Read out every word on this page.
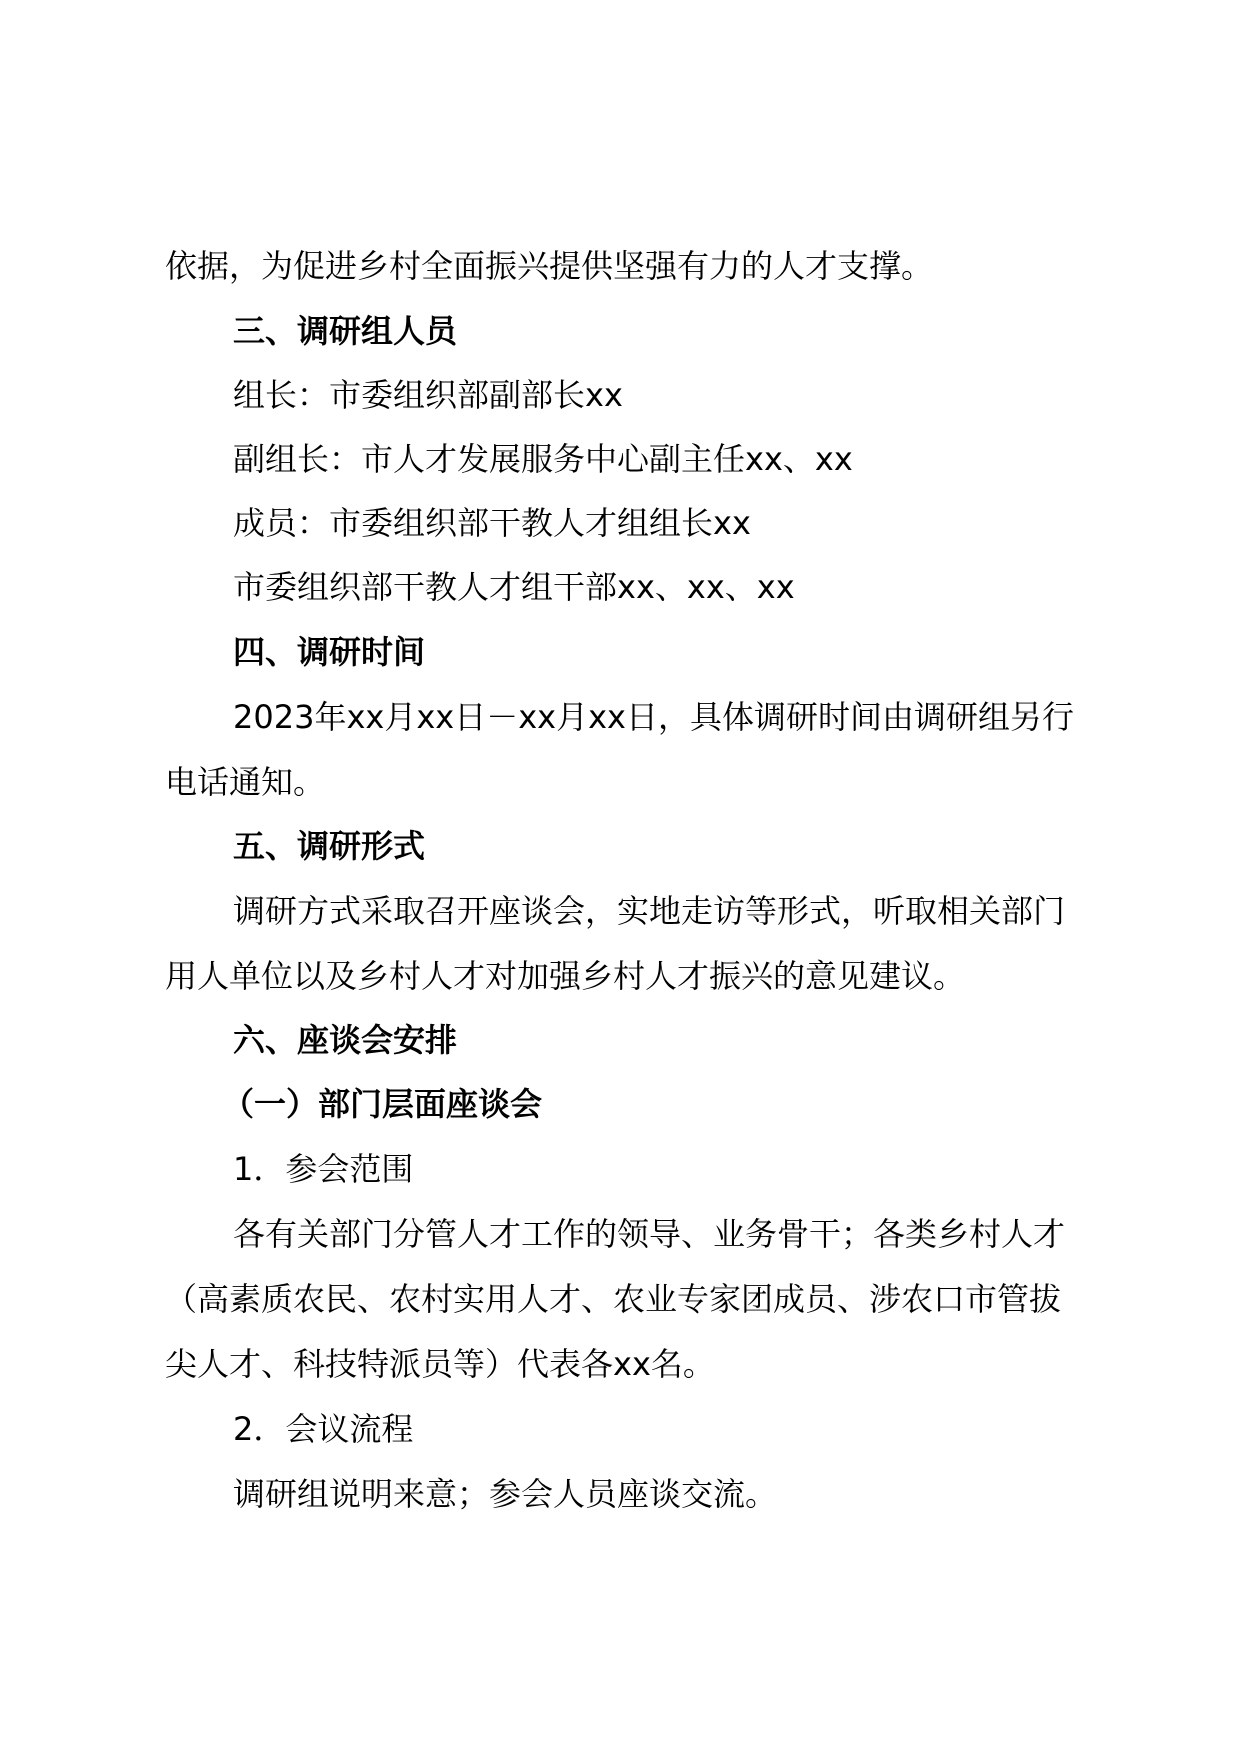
依据，为促进乡村全面振兴提供坚强有力的人才支撑。
三、调研组人员
组长：市委组织部副部长xx
副组长：市人才发展服务中心副主任xx、xx
成员：市委组织部干教人才组组长xx
市委组织部干教人才组干部xx、xx、xx
四、调研时间
2023年xx月xx日－xx月xx日，具体调研时间由调研组另行
电话通知。
五、调研形式
调研方式采取召开座谈会，实地走访等形式，听取相关部门
用人单位以及乡村人才对加强乡村人才振兴的意见建议。
六、座谈会安排
（一）部门层面座谈会
1．参会范围
各有关部门分管人才工作的领导、业务骨干；各类乡村人才
（高素质农民、农村实用人才、农业专家团成员、涉农口市管拔
尖人才、科技特派员等）代表各xx名。
2．会议流程
调研组说明来意；参会人员座谈交流。
